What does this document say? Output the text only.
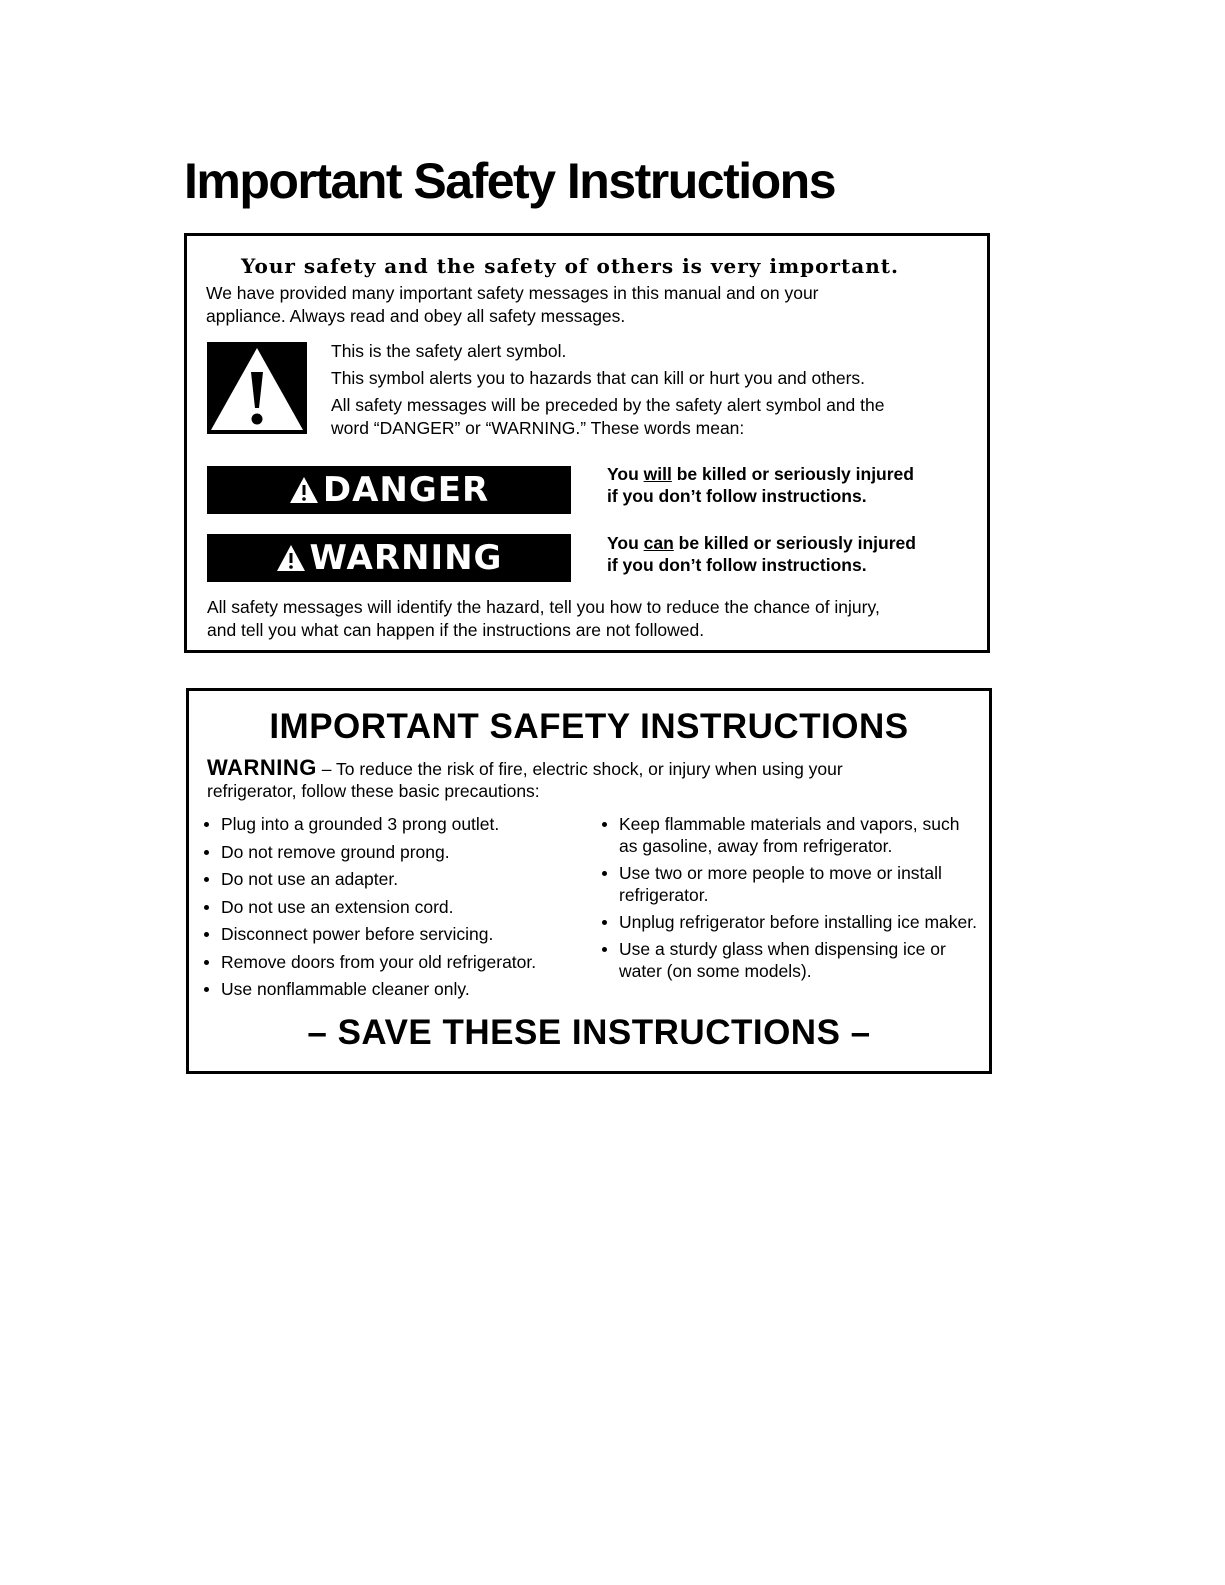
Important Safety Instructions
Your safety and the safety of others is very important.
We have provided many important safety messages in this manual and on your
appliance. Always read and obey all safety messages.
This is the safety alert symbol.
This symbol alerts you to hazards that can kill or hurt you and others.
All safety messages will be preceded by the safety alert symbol and the
word “DANGER” or “WARNING.” These words mean:
DANGER	You will be killed or seriously injured
if you don’t follow instructions.
WARNING	You can be killed or seriously injured
if you don’t follow instructions.
All safety messages will identify the hazard, tell you how to reduce the chance of injury,
and tell you what can happen if the instructions are not followed.
IMPORTANT SAFETY INSTRUCTIONS
WARNING – To reduce the risk of fire, electric shock, or injury when using your
refrigerator, follow these basic precautions:
Plug into a grounded 3 prong outlet.
Do not remove ground prong.
Do not use an adapter.
Do not use an extension cord.
Disconnect power before servicing.
Remove doors from your old refrigerator.
Use nonflammable cleaner only.
Keep flammable materials and vapors, such as gasoline, away from refrigerator.
Use two or more people to move or install refrigerator.
Unplug refrigerator before installing ice maker.
Use a sturdy glass when dispensing ice or water (on some models).
– SAVE THESE INSTRUCTIONS –
